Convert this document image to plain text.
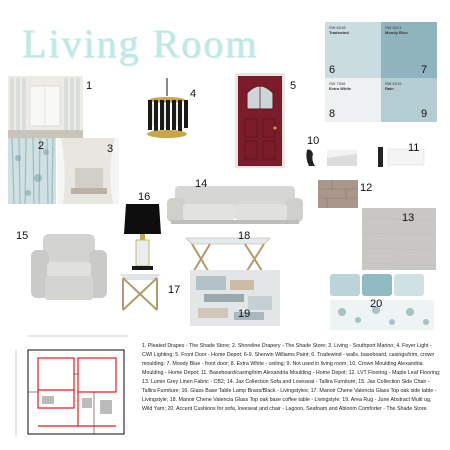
Living Room
1
2	3
4
5
SW 6218
Tradewind
6
SW 6221
Moody Blue
7
SW 7006
Extra White
8
SW 6219
Rain
9
10
11
12
13
14
15
16
17
18
19
20
1. Pleated Drapes - The Shade Store; 2. Shoreline Drapery - The Shade Store; 3. Living - Southport Marino; 4. Foyer Light - CWI Lighting; 5. Front Door - Home Depot; 6-9. Sherwin Williams Paint; 6. Tradewind - walls, baseboard, casings/trim, crown moulding; 7. Moody Blue - front door; 8. Extra White - ceiling; 9. Not used in living room; 10. Crown Moulding Alexandria Moulding - Home Depot; 11. Baseboard/casing/trim Alexandria Moulding - Home Depot; 12. LVT Flooring - Maple Leaf Flooring; 13. Lumin Grey Linen Fabric - CB2; 14. Jax Collection Sofa and Loveseat - Tallira Furniture; 15. Jax Collection Side Chair - Tallira Furniture; 16. Glass Base Table Lamp Brass/Black - Livingstyles; 17. Manoir Chene Valencia Glass Top oak side table - Livingstyle; 18. Manoir Chene Valencia Glass Top oak base coffee table - Livingstyle; 19. Area Rug - June Abstract Multi ug, Wild Yarn; 20. Accent Cushions for sofa, loveseat and chair - Lagoon, Seafoam and Abloom Comforter - The Shade Store.
